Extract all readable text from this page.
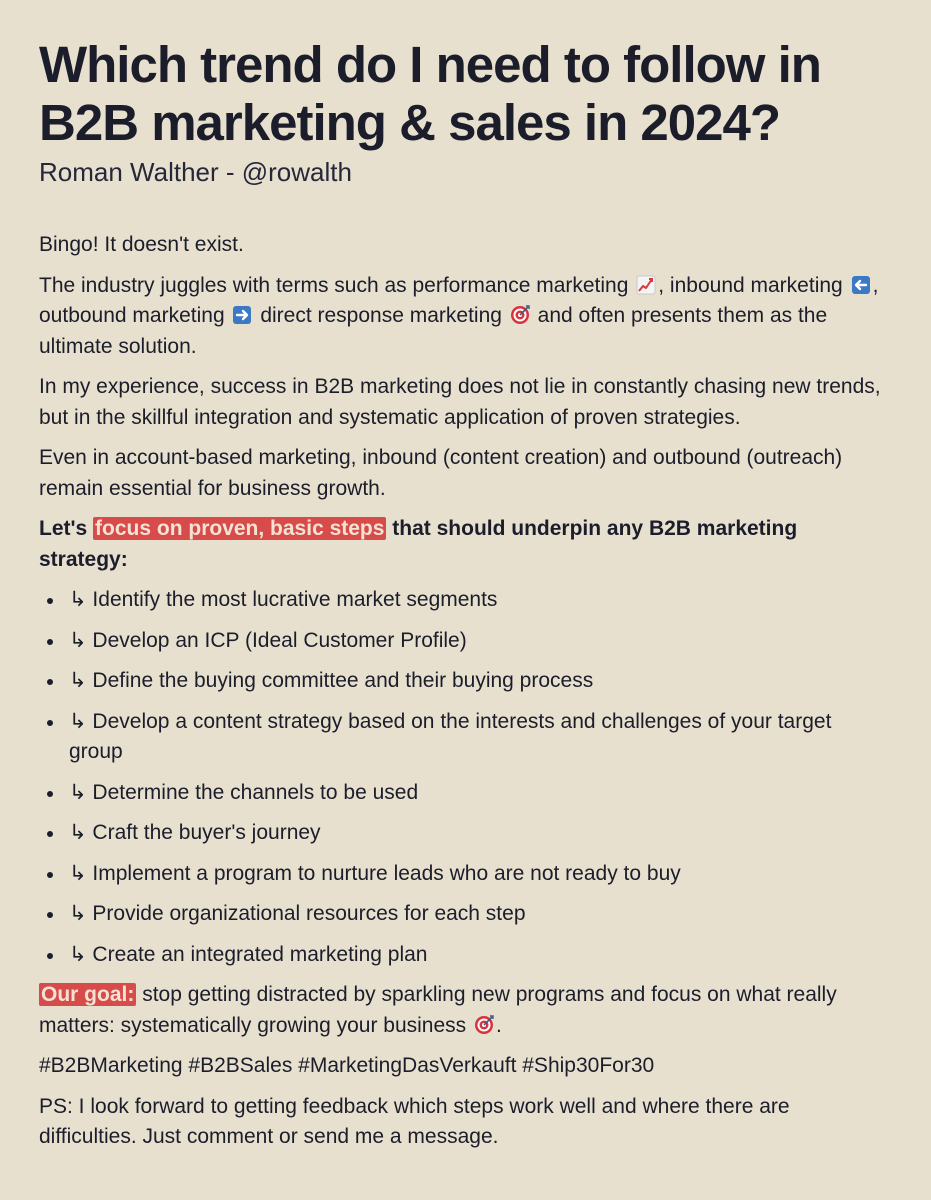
Which trend do I need to follow in B2B marketing & sales in 2024?
Roman Walther - @rowalth

Bingo! It doesn't exist.

The industry juggles with terms such as performance marketing , inbound marketing , outbound marketing direct response marketing and often presents them as the ultimate solution.

In my experience, success in B2B marketing does not lie in constantly chasing new trends, but in the skillful integration and systematic application of proven strategies.

Even in account-based marketing, inbound (content creation) and outbound (outreach) remain essential for business growth.

Let's focus on proven, basic steps that should underpin any B2B marketing strategy:

↳ Identify the most lucrative market segments
↳ Develop an ICP (Ideal Customer Profile)
↳ Define the buying committee and their buying process
↳ Develop a content strategy based on the interests and challenges of your target group
↳ Determine the channels to be used
↳ Craft the buyer's journey
↳ Implement a program to nurture leads who are not ready to buy
↳ Provide organizational resources for each step
↳ Create an integrated marketing plan

Our goal: stop getting distracted by sparkling new programs and focus on what really matters: systematically growing your business .

#B2BMarketing #B2BSales #MarketingDasVerkauft #Ship30For30

PS: I look forward to getting feedback which steps work well and where there are difficulties. Just comment or send me a message.
